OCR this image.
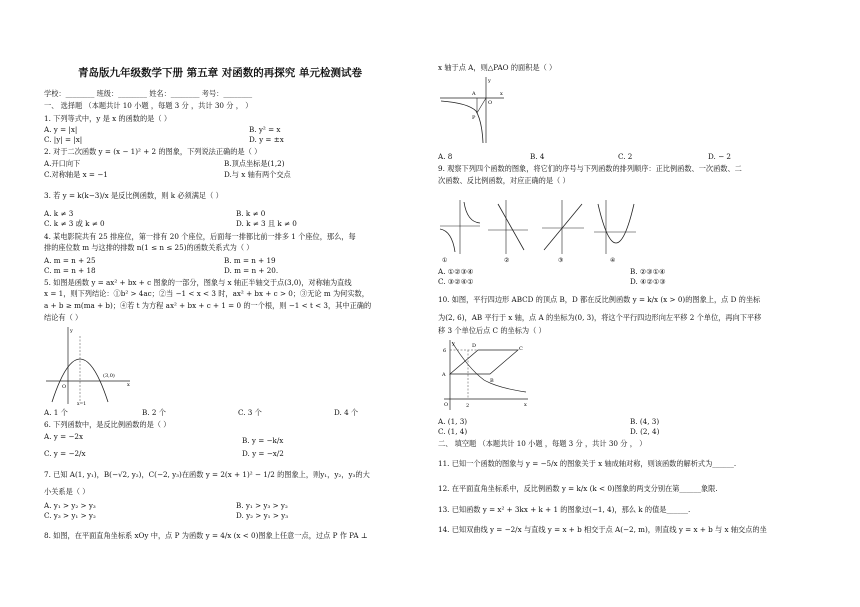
青岛版九年级数学下册 第五章 对函数的再探究 单元检测试卷
学校：________ 班级：________ 姓名：________ 考号：________
一、 选择题 （本题共计 10 小题 ，每题 3 分 ，共计 30 分 ， ）
1. 下列等式中，y 是 x 的函数的是（ ）
A. y = |x|	B. y² = x
C. |y| = |x|	D. y = ±x
2. 对于二次函数 y = (x − 1)² + 2 的图象，下列说法正确的是（ ）
A.开口向下	B.顶点坐标是(1,2)
C.对称轴是 x = −1	D.与 x 轴有两个交点
3. 若 y = k(k−3)/x 是反比例函数，则 k 必须满足（ ）
A. k ≠ 3	B. k ≠ 0
C. k ≠ 3 或 k ≠ 0	D. k ≠ 3 且 k ≠ 0
4. 某电影院共有 25 排座位，第一排有 20 个座位，后面每一排都比前一排多 1 个座位，那么，每
排的座位数 m 与这排的排数 n(1 ≤ n ≤ 25)的函数关系式为（ ）
A. m = n + 25	B. m = n + 19
C. m = n + 18	D. m = n + 20.
5. 如图是函数 y = ax² + bx + c 图象的一部分，图象与 x 轴正半轴交于点(3,0)，对称轴为直线
x = 1，则下列结论：①b² > 4ac；②当 −1 < x < 3 时，ax² + bx + c > 0；③无论 m 为何实数，
a + b ≥ m(ma + b)；④若 t 为方程 ax² + bx + c + 1 = 0 的一个根，则 −1 < t < 3，其中正确的
结论有（ ）
(3,0)
O
x=1
x
y
A. 1 个	B. 2 个	C. 3 个	D. 4 个
6. 下列函数中，是反比例函数的是（ ）
A. y = −2x	B. y = −k/x
C. y = −2/x	D. y = −x/2
7. 已知 A(1, y₁)，B(−√2, y₂)，C(−2, y₃)在函数 y = 2(x + 1)² − 1/2 的图象上，则y₁，y₂，y₃的大
小关系是（ ）
A. y₁ > y₂ > y₃	B. y₁ > y₃ > y₂
C. y₃ > y₁ > y₂	D. y₂ > y₁ > y₃
8. 如图，在平面直角坐标系 xOy 中，点 P 为函数 y = 4/x (x < 0)图象上任意一点，过点 P 作 PA ⊥
x 轴于点 A，则△PAO 的面积是（ ）
A
O
P
x
y
A. 8	B. 4	C. 2	D. − 2
9. 观察下列四个函数的图象，将它们的序号与下列函数的排列顺序：正比例函数、一次函数、二
次函数、反比例函数，对应正确的是（ ）
①	②	③	④
A. ①②③④	B. ②③①④
C. ③②④①	D. ④②①③
10. 如图，平行四边形 ABCD 的顶点 B，D 都在反比例函数 y = k/x (x > 0)的图象上，点 D 的坐标
为(2, 6)，AB 平行于 x 轴，点 A 的坐标为(0, 3)，将这个平行四边形向左平移 2 个单位，再向下平移
移 3 个单位后点 C 的坐标为（ ）
A
B
C
D
O
6
2	x
y
A. (1, 3)	B. (4, 3)
C. (1, 4)	D. (2, 4)
二、 填空题 （本题共计 10 小题 ，每题 3 分 ，共计 30 分 ， ）
11. 已知一个函数的图象与 y = −5/x 的图象关于 x 轴成轴对称，则该函数的解析式为______.
12. 在平面直角坐标系中，反比例函数 y = k/x (k < 0)图象的两支分别在第______象限.
13. 已知函数 y = x² + 3kx + k + 1 的图象过(−1, 4)，那么 k 的值是______.
14. 已知双曲线 y = −2/x 与直线 y = x + b 相交于点 A(−2, m)，则直线 y = x + b 与 x 轴交点的坐
